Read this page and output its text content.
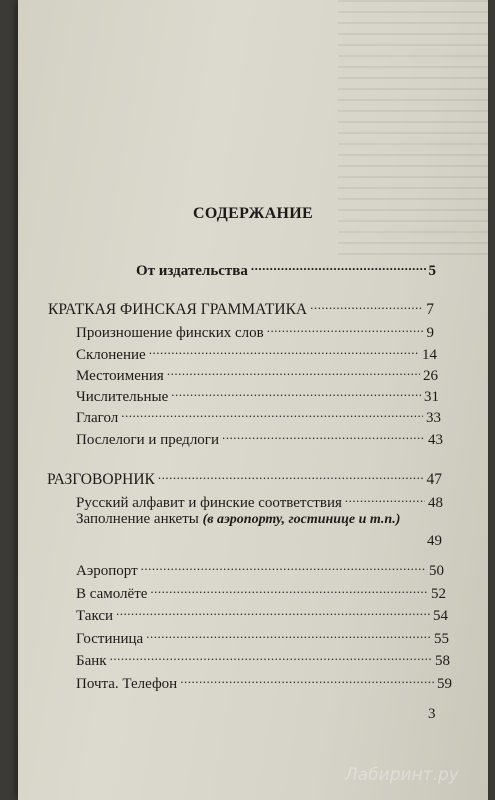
СОДЕРЖАНИЕ
От издательства .....	5
КРАТКАЯ ФИНСКАЯ ГРАММАТИКА .....	7
Произношение финских слов .....	9
Склонение .....	14
Местоимения .....	26
Числительные .....	31
Глагол .....	33
Послелоги и предлоги .....	43
РАЗГОВОРНИК .....	47
Русский алфавит и финские соответствия .....	48
Заполнение анкеты (в аэропорту, гостинице и т.п.)
49
Аэропорт .....	50
В самолёте .....	52
Такси .....	54
Гостиница .....	55
Банк .....	58
Почта. Телефон .....	59
3
Лабиринт.ру
